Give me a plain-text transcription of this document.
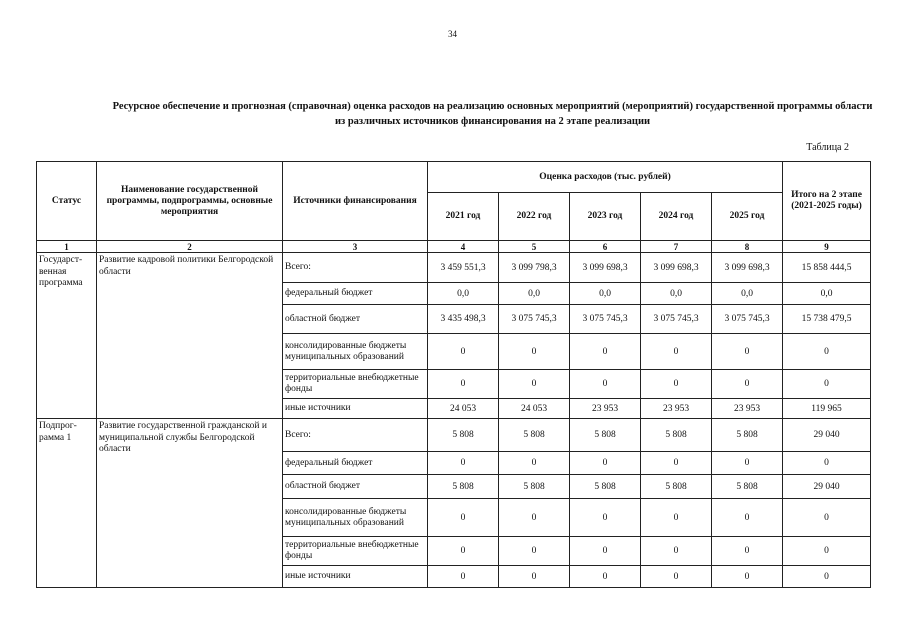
34
Ресурсное обеспечение и прогнозная (справочная) оценка расходов на реализацию основных мероприятий (мероприятий) государственной программы области из различных источников финансирования на 2 этапе реализации
Таблица 2
Статус	Наименование государственной программы, подпрограммы, основные мероприятия	Источники финансирования	Оценка расходов (тыс. рублей)					Итого на 2 этапе (2021-2025 годы)
			2021 год	2022 год	2023 год	2024 год	2025 год	
1	2	3	4	5	6	7	8	9
Государст-венная программа	Развитие кадровой политики Белгородской области	Всего:	3 459 551,3	3 099 798,3	3 099 698,3	3 099 698,3	3 099 698,3	15 858 444,5
		федеральный бюджет	0,0	0,0	0,0	0,0	0,0	0,0
		областной бюджет	3 435 498,3	3 075 745,3	3 075 745,3	3 075 745,3	3 075 745,3	15 738 479,5
		консолидированные бюджеты муниципальных образований	0	0	0	0	0	0
		территориальные внебюджетные фонды	0	0	0	0	0	0
		иные источники	24 053	24 053	23 953	23 953	23 953	119 965
Подпрог-рамма 1	Развитие государственной гражданской и муниципальной службы Белгородской области	Всего:	5 808	5 808	5 808	5 808	5 808	29 040
		федеральный бюджет	0	0	0	0	0	0
		областной бюджет	5 808	5 808	5 808	5 808	5 808	29 040
		консолидированные бюджеты муниципальных образований	0	0	0	0	0	0
		территориальные внебюджетные фонды	0	0	0	0	0	0
		иные источники	0	0	0	0	0	0
